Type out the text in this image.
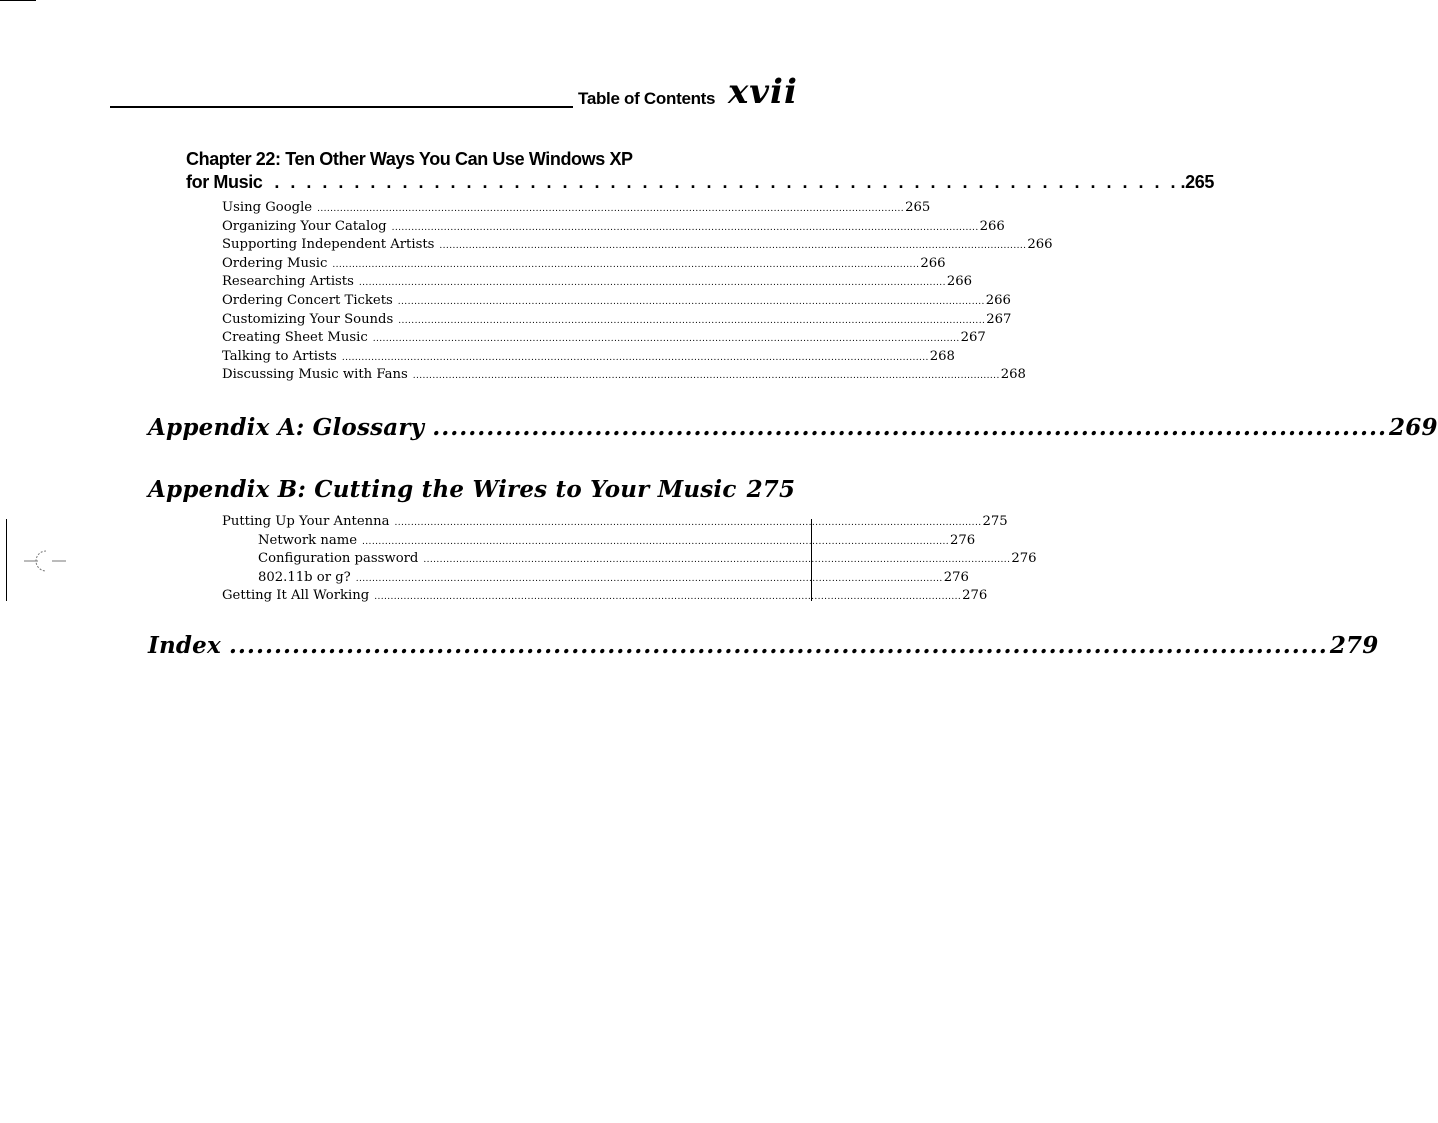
Table of Contents xvii
Chapter 22: Ten Other Ways You Can Use Windows XP
for Music . . . . . . . . . . . . . . . . . . . . . . . . . . . . . . . . . . . . . . . . . . . . . . . . . . . . . . . . . .265
Using Google .................................................................................................................................................................................... 265
Organizing Your Catalog .................................................................................................................................................................................... 266
Supporting Independent Artists .................................................................................................................................................................................... 266
Ordering Music .................................................................................................................................................................................... 266
Researching Artists .................................................................................................................................................................................... 266
Ordering Concert Tickets .................................................................................................................................................................................... 266
Customizing Your Sounds .................................................................................................................................................................................... 267
Creating Sheet Music .................................................................................................................................................................................... 267
Talking to Artists .................................................................................................................................................................................... 268
Discussing Music with Fans .................................................................................................................................................................................... 268
Appendix A: Glossary .......................................................................................................... 269
Appendix B: Cutting the Wires to Your Music 275
Putting Up Your Antenna .................................................................................................................................................................................... 275
Network name .................................................................................................................................................................................... 276
Configuration password .................................................................................................................................................................................... 276
802.11b or g? .................................................................................................................................................................................... 276
Getting It All Working .................................................................................................................................................................................... 276
Index .......................................................................................................................... 279
